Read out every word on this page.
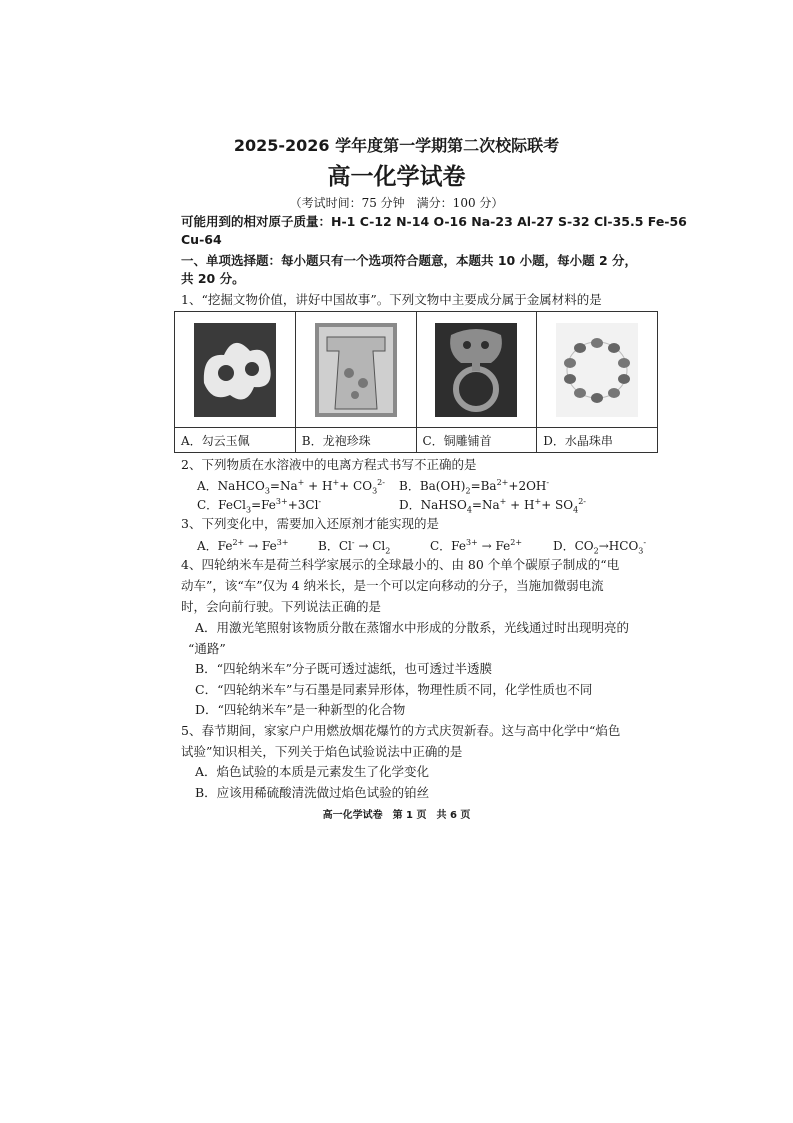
2025-2026 学年度第一学期第二次校际联考
高一化学试卷
（考试时间：75 分钟　满分：100 分）
可能用到的相对原子质量：H-1 C-12 N-14 O-16 Na-23 Al-27 S-32 Cl-35.5 Fe-56
Cu-64
一、单项选择题：每小题只有一个选项符合题意，本题共 10 小题，每小题 2 分，
共 20 分。
1、“挖掘文物价值，讲好中国故事”。下列文物中主要成分属于金属材料的是

A．勾云玉佩	B．龙袍珍珠	C．铜雕铺首	D．水晶珠串
2、下列物质在水溶液中的电离方程式书写不正确的是
A．NaHCO$_3$=Na+ + $H^++ CO_3^{2-}$ B．$Ba(OH)_2=Ba^{2+}+2OH^-$
C．$FeCl_3=Fe^{3+}+3Cl^-$	D．NaHSO$_4$=Na+ + $H^++ SO_4^{2-}$
3、下列变化中，需要加入还原剂才能实现的是
A．$Fe^{2+} \to Fe^{3+}$ B．$Cl^- \to Cl_2$	C．$Fe^{3+} \to Fe^{2+}$	D．$CO_2\to HCO_3^-$
4、四轮纳米车是荷兰科学家展示的全球最小的、由 80 个单个碳原子制成的“电
动车”，该“车”仅为 4 纳米长，是一个可以定向移动的分子，当施加微弱电流
时，会向前行驶。下列说法正确的是
A．用激光笔照射该物质分散在蒸馏水中形成的分散系，光线通过时出现明亮的
“通路”
B．“四轮纳米车”分子既可透过滤纸，也可透过半透膜
C．“四轮纳米车”与石墨是同素异形体，物理性质不同，化学性质也不同
D．“四轮纳米车”是一种新型的化合物
5、春节期间，家家户户用燃放烟花爆竹的方式庆贺新春。这与高中化学中“焰色
试验”知识相关，下列关于焰色试验说法中正确的是
A．焰色试验的本质是元素发生了化学变化
B．应该用稀硫酸清洗做过焰色试验的铂丝
高一化学试卷　第 1 页　共 6 页
